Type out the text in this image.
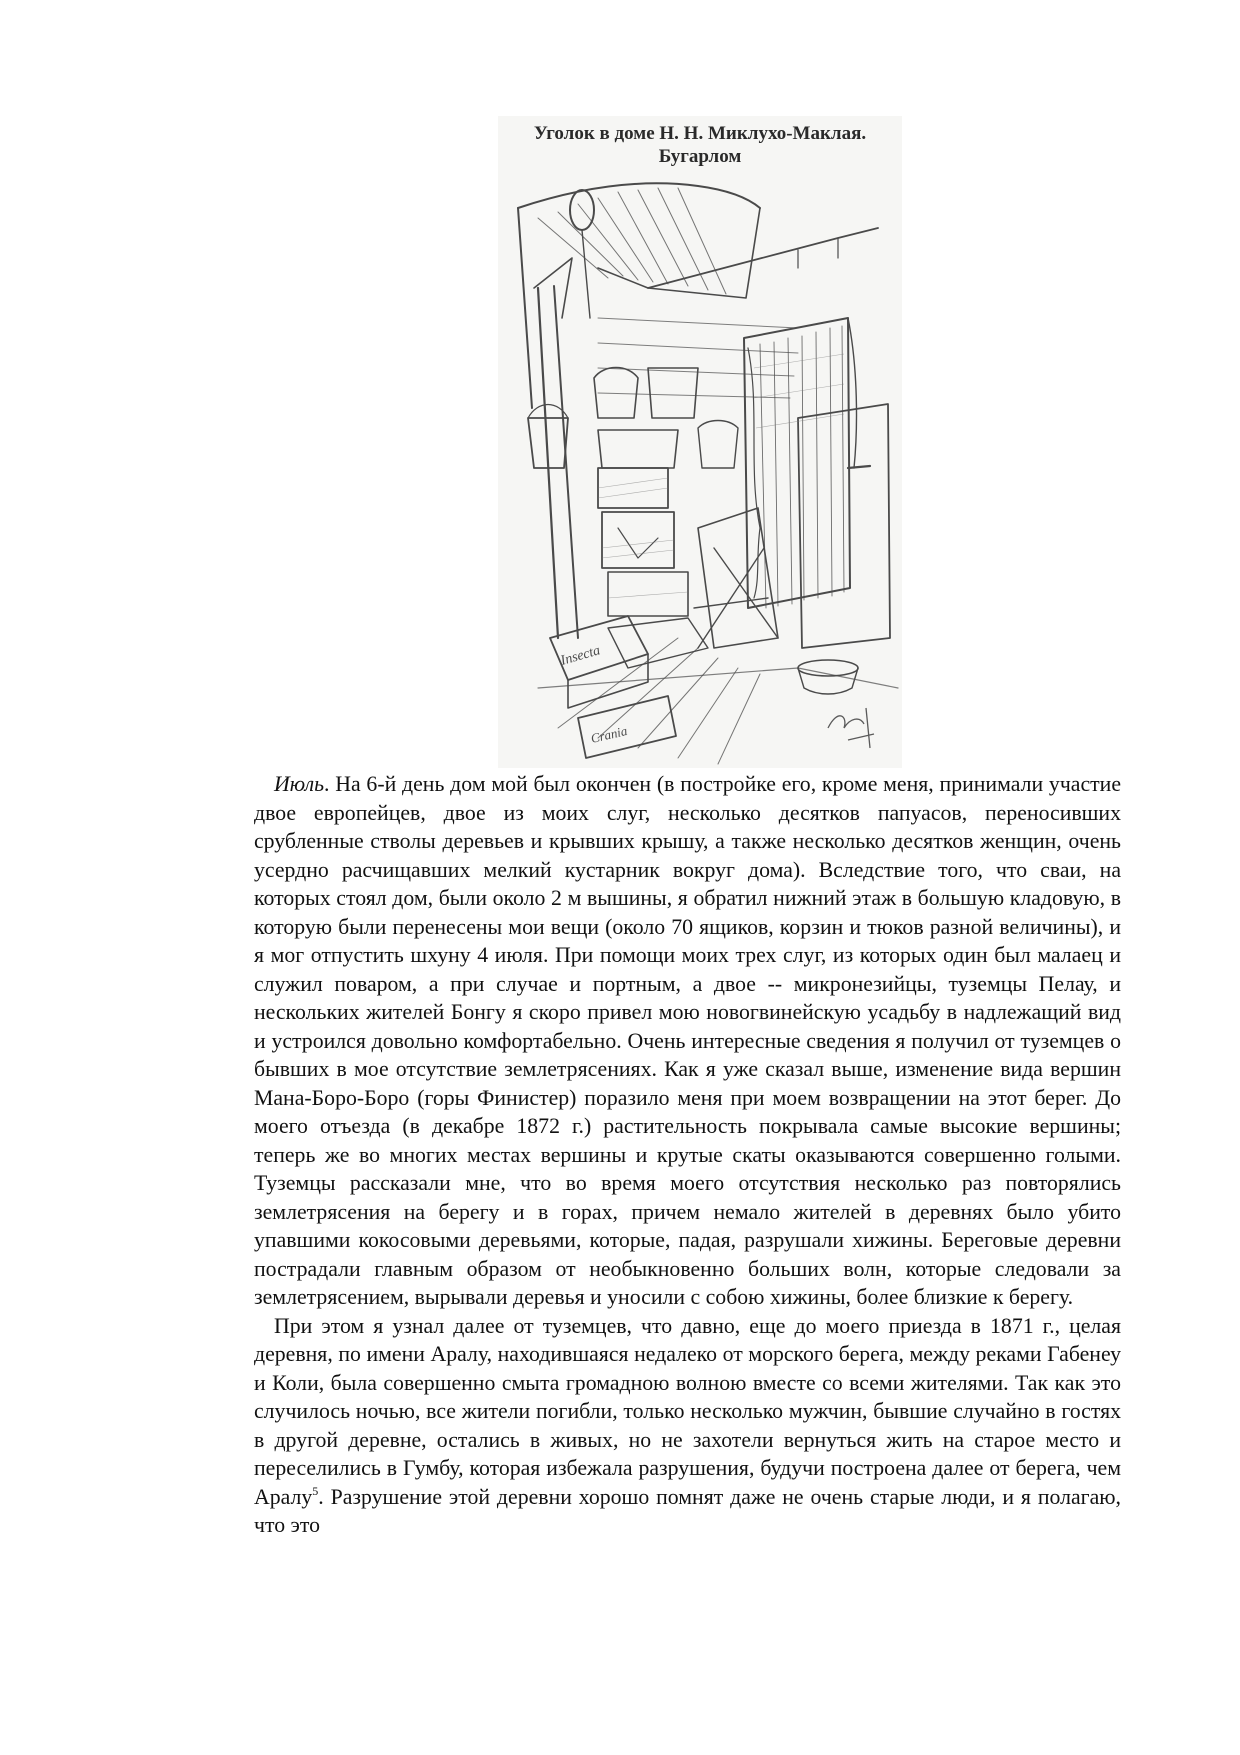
Уголок в доме Н. Н. Миклухо-Маклая.
Бугарлом
Insecta
Crania

Июль. На 6-й день дом мой был окончен (в постройке его, кроме меня, принимали участие двое европейцев, двое из моих слуг, несколько десятков папуасов, переносивших срубленные стволы деревьев и крывших крышу, а также несколько десятков женщин, очень усердно расчищавших мелкий кустарник вокруг дома). Вследствие того, что сваи, на которых стоял дом, были около 2 м вышины, я обратил нижний этаж в большую кладовую, в которую были перенесены мои вещи (около 70 ящиков, корзин и тюков разной величины), и я мог отпустить шхуну 4 июля. При помощи моих трех слуг, из которых один был малаец и служил поваром, а при случае и портным, а двое -- микронезийцы, туземцы Пелау, и нескольких жителей Бонгу я скоро привел мою новогвинейскую усадьбу в надлежащий вид и устроился довольно комфортабельно. Очень интересные сведения я получил от туземцев о бывших в мое отсутствие землетрясениях. Как я уже сказал выше, изменение вида вершин Мана-Боро-Боро (горы Финистер) поразило меня при моем возвращении на этот берег. До моего отъезда (в декабре 1872 г.) растительность покрывала самые высокие вершины; теперь же во многих местах вершины и крутые скаты оказываются совершенно голыми. Туземцы рассказали мне, что во время моего отсутствия несколько раз повторялись землетрясения на берегу и в горах, причем немало жителей в деревнях было убито упавшими кокосовыми деревьями, которые, падая, разрушали хижины. Береговые деревни пострадали главным образом от необыкновенно больших волн, которые следовали за землетрясением, вырывали деревья и уносили с собою хижины, более близкие к берегу.

При этом я узнал далее от туземцев, что давно, еще до моего приезда в 1871 г., целая деревня, по имени Аралу, находившаяся недалеко от морского берега, между реками Габенеу и Коли, была совершенно смыта громадною волною вместе со всеми жителями. Так как это случилось ночью, все жители погибли, только несколько мужчин, бывшие случайно в гостях в другой деревне, остались в живых, но не захотели вернуться жить на старое место и переселились в Гумбу, которая избежала разрушения, будучи построена далее от берега, чем Аралу$^5$. Разрушение этой деревни хорошо помнят даже не очень старые люди, и я полагаю, что это
